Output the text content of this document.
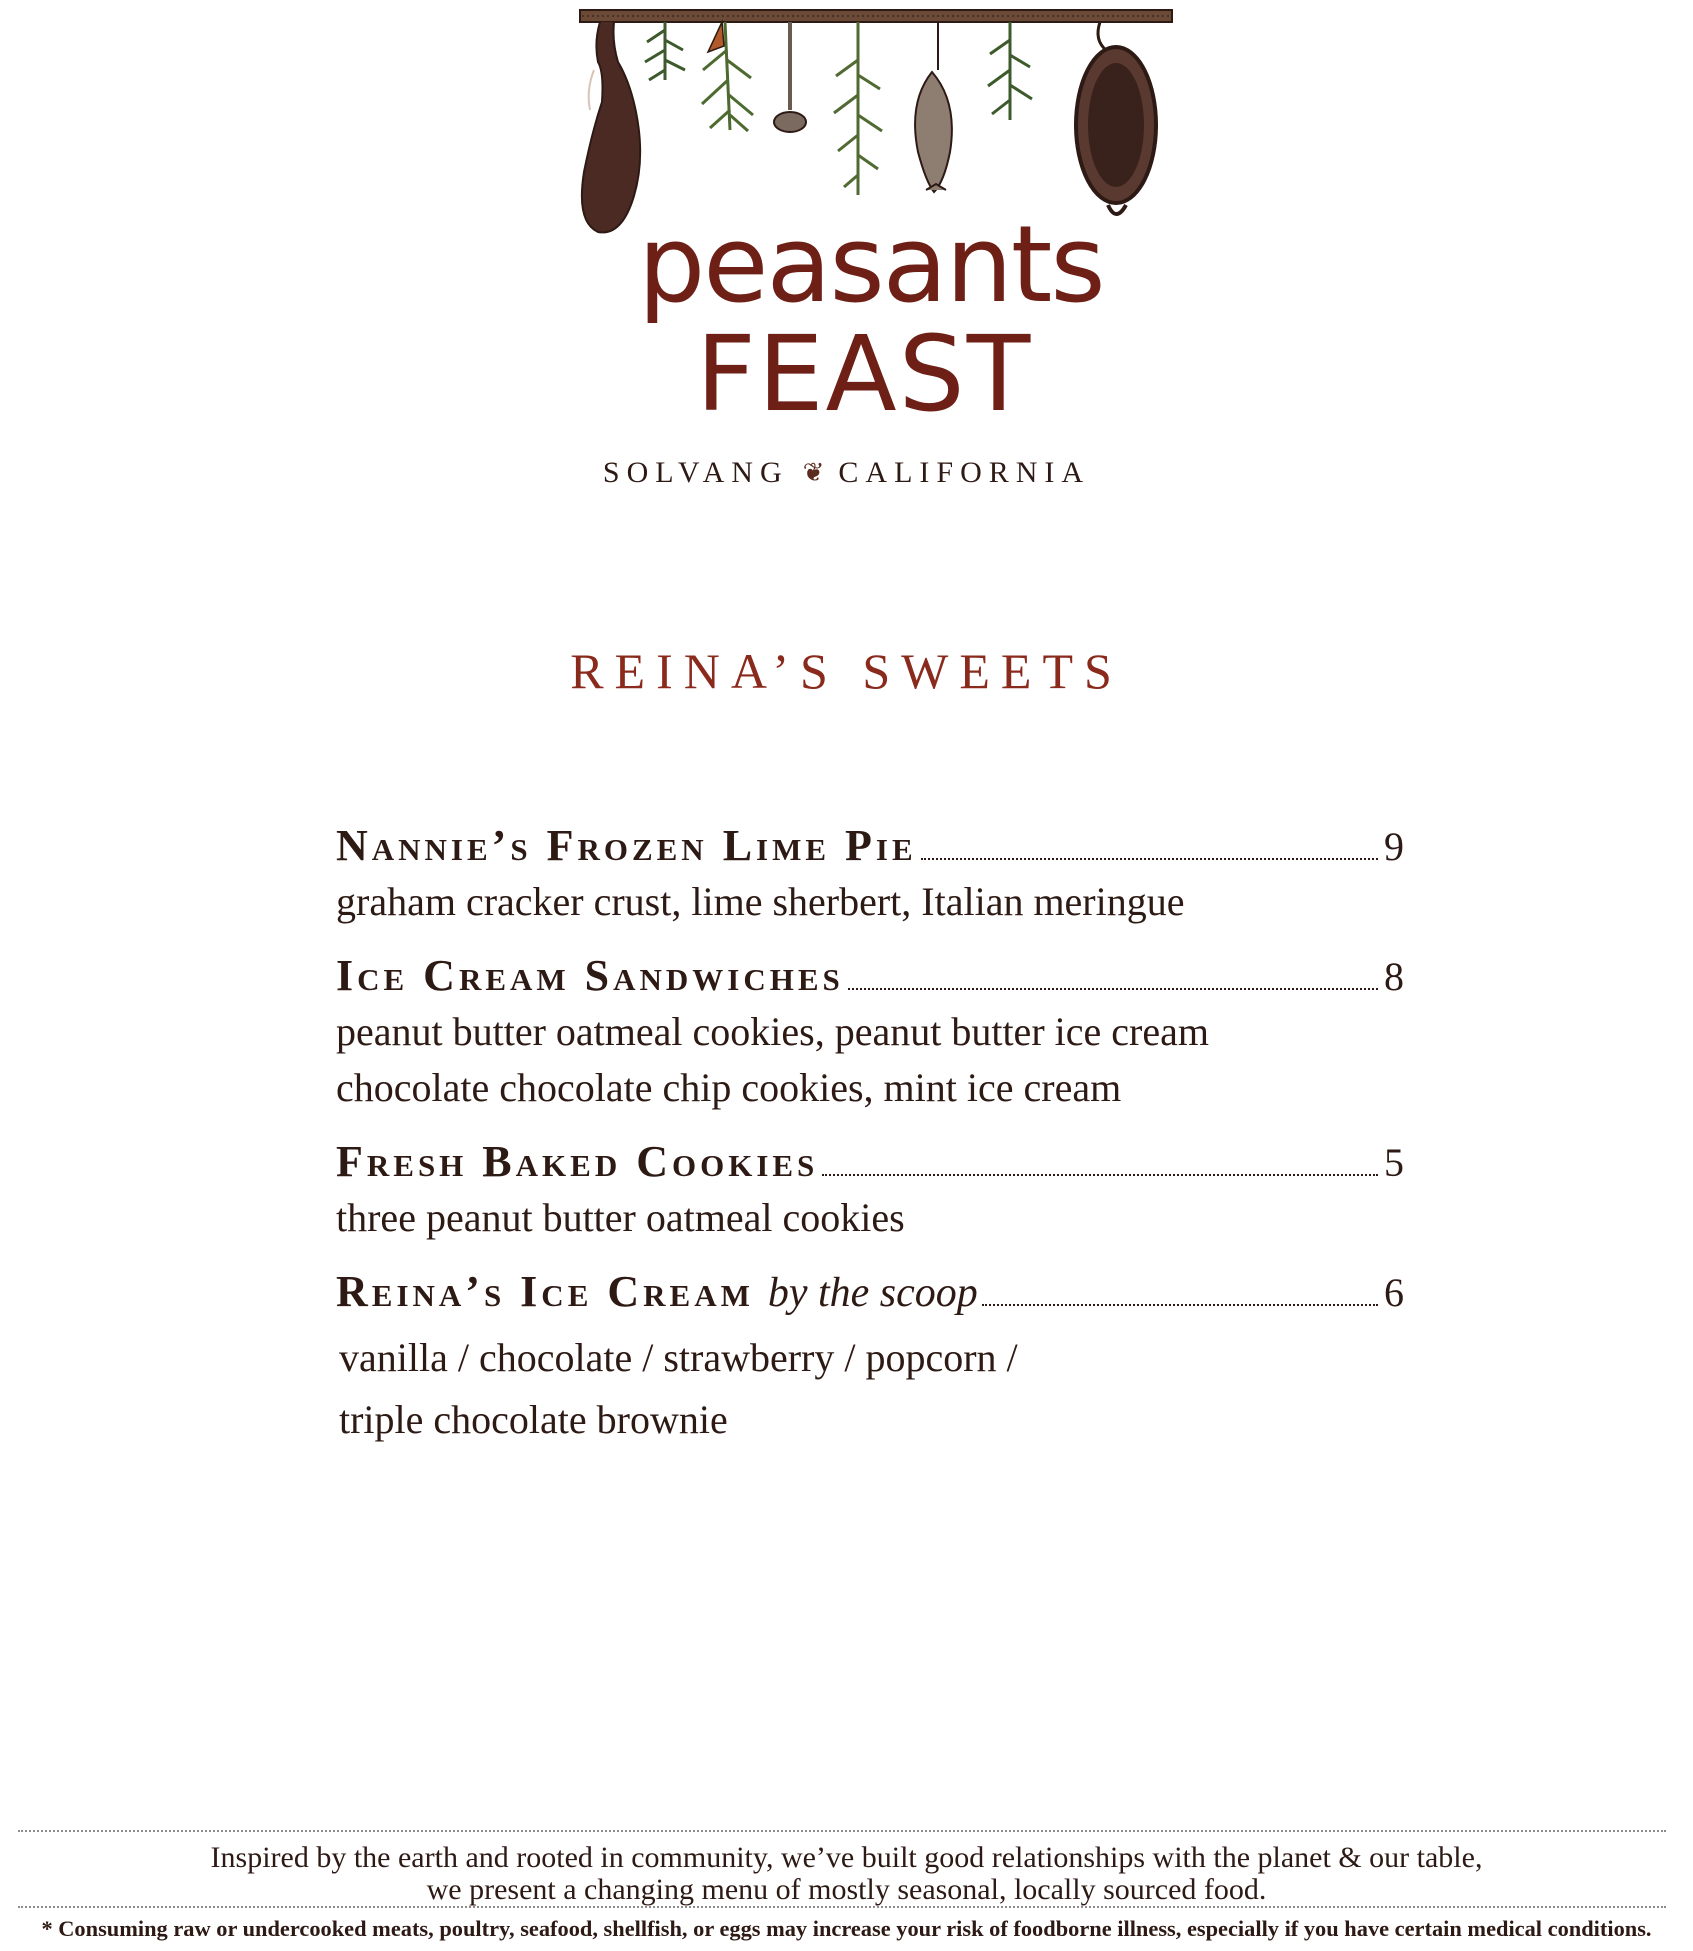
peasants
FEAST
SOLVANG ❦ CALIFORNIA
REINA’S SWEETS
Nannie’s Frozen Lime Pie	9
graham cracker crust, lime sherbert, Italian meringue
Ice Cream Sandwiches	8
peanut butter oatmeal cookies, peanut butter ice cream
chocolate chocolate chip cookies, mint ice cream
Fresh Baked Cookies	5
three peanut butter oatmeal cookies
Reina’s Ice Cream by the scoop	6
vanilla / chocolate / strawberry / popcorn /
triple chocolate brownie
Inspired by the earth and rooted in community, we’ve built good relationships with the planet & our table,
we present a changing menu of mostly seasonal, locally sourced food.
* Consuming raw or undercooked meats, poultry, seafood, shellfish, or eggs may increase your risk of foodborne illness, especially if you have certain medical conditions.
